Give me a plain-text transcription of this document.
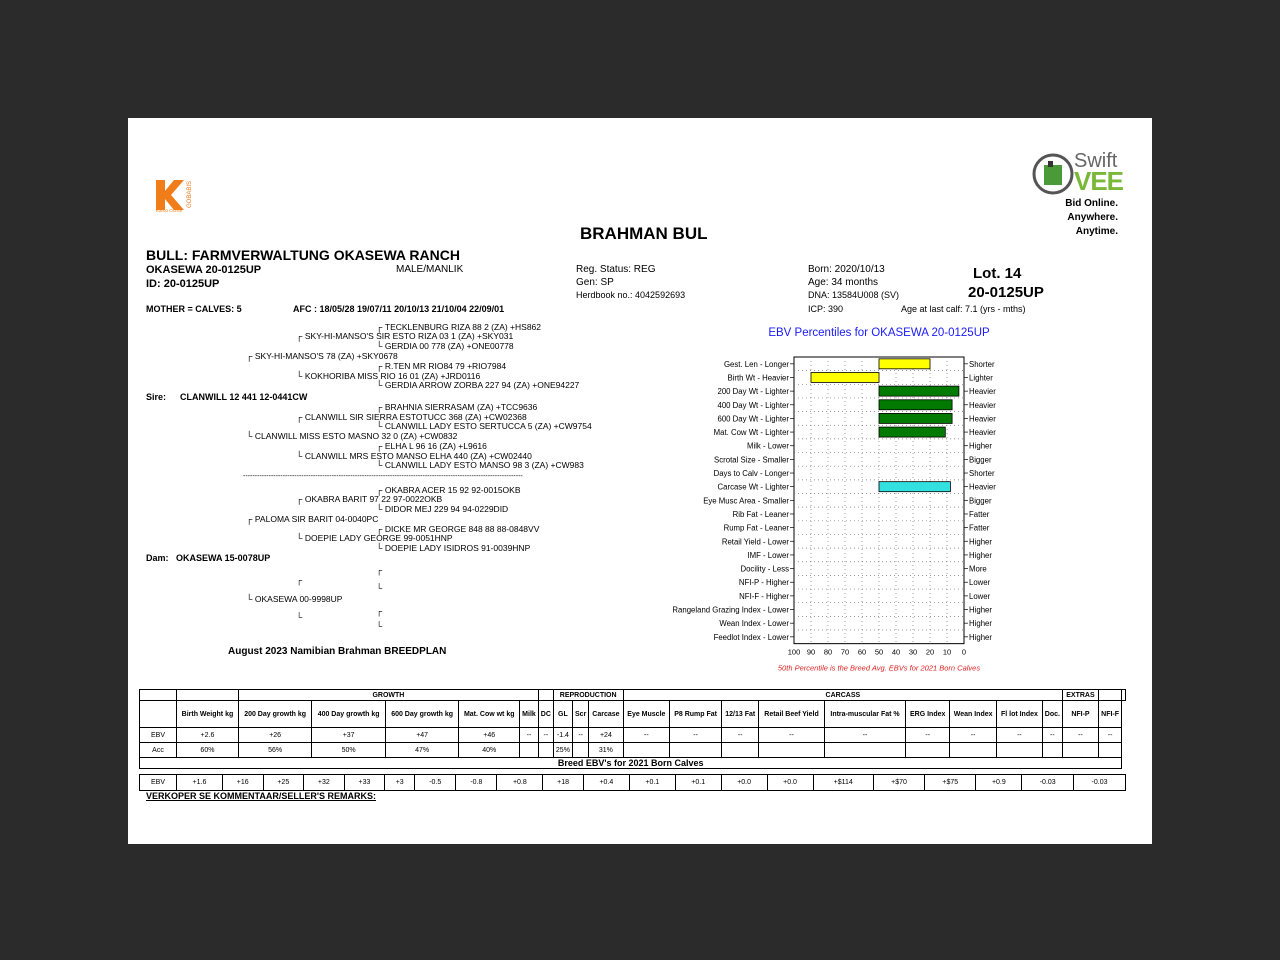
GOBABIS
Karoo Ochse
Swift
VEE
Bid Online.
Anywhere.
Anytime.
BRAHMAN BUL
BULL: FARMVERWALTUNG OKASEWA RANCH
OKASEWA 20-0125UP	MALE/MANLIK
ID: 20-0125UP
Reg. Status: REG
Gen: SP
Herdbook no.: 4042592693
Born: 2020/10/13
Age: 34 months
DNA: 13584U008 (SV)
ICP: 390	Age at last calf: 7.1 (yrs - mths)
Lot. 14
20-0125UP
MOTHER = CALVES: 5	AFC : 18/05/28 19/07/11 20/10/13 21/10/04 22/09/01
┌ TECKLENBURG RIZA 88 2 (ZA) +HS862
┌ SKY-HI-MANSO'S SIR ESTO RIZA 03 1 (ZA) +SKY031
└ GERDIA 00 778 (ZA) +ONE00778
┌ SKY-HI-MANSO'S 78 (ZA) +SKY0678
┌ R.TEN MR RIO84 79 +RIO7984
└ KOKHORIBA MISS RIO 16 01 (ZA) +JRD0116
└ GERDIA ARROW ZORBA 227 94 (ZA) +ONE94227
Sire: CLANWILL 12 441 12-0441CW
┌ BRAHNIA SIERRASAM (ZA) +TCC9636
┌ CLANWILL SIR SIERRA ESTOTUCC 368 (ZA) +CW02368
└ CLANWILL LADY ESTO SERTUCCA 5 (ZA) +CW9754
└ CLANWILL MISS ESTO MASNO 32 0 (ZA) +CW0832
┌ ELHA L 96 16 (ZA) +L9616
└ CLANWILL MRS ESTO MANSO ELHA 440 (ZA) +CW02440
└ CLANWILL LADY ESTO MANSO 98 3 (ZA) +CW983
------------------------------------------------------------------------------------------------------------------------
┌ OKABRA ACER 15 92 92-0015OKB
┌ OKABRA BARIT 97 22 97-0022OKB
└ DIDOR MEJ 229 94 94-0229DID
┌ PALOMA SIR BARIT 04-0040PC
┌ DICKE MR GEORGE 848 88 88-0848VV
└ DOEPIE LADY GEORGE 99-0051HNP
└ DOEPIE LADY ISIDROS 91-0039HNP
Dam: OKASEWA 15-0078UP
┌
┌
└
└ OKASEWA 00-9998UP
┌
└
└
August 2023 Namibian Brahman BREEDPLAN
EBV Percentiles for OKASEWA 20-0125UP
100 90 80 70 60 50 40 30 20 10 0
Gest. Len - Longer	Shorter
Birth Wt - Heavier	Lighter
200 Day Wt - Lighter	Heavier
400 Day Wt - Lighter	Heavier
600 Day Wt - Lighter	Heavier
Mat. Cow Wt - Lighter	Heavier
Milk - Lower	Higher
Scrotal Size - Smaller	Bigger
Days to Calv - Longer	Shorter
Carcase Wt - Lighter	Heavier
Eye Musc Area - Smaller	Bigger
Rib Fat - Leaner	Fatter
Rump Fat - Leaner	Fatter
Retail Yield - Lower	Higher
IMF - Lower	Higher
Docility - Less	More
NFI-P - Higher	Lower
NFI-F - Higher	Lower
Rangeland Grazing Index - Lower	Higher
Wean Index - Lower	Higher
Feedlot Index - Lower	Higher
50th Percentile is the Breed Avg. EBVs for 2021 Born Calves
		GROWTH						REPRODUCTION			CARCASS									EXTRAS		
	Birth Weight kg	200 Day growth kg	400 Day growth kg	600 Day growth kg	Mat. Cow wt kg	Milk	DC	GL	Scr	Carcase	Eye Muscle	P8 Rump Fat	12/13 Fat	Retail Beef Yield	Intra-muscular Fat %	ERG Index	Wean Index	Fl lot Index	Doc.	NFI-P	NFI-F	
EBV	+2.6	+26	+37	+47	+46	--	--	-1.4	--	+24	--	--	--	--	--	--	--	--	--	--	--	
Acc	60%	56%	50%	47%	40%			25%		31%												
Breed EBV's for 2021 Born Calves																						
EBV	+1.6	+16	+25	+32	+33	+3	-0.5	-0.8	+0.8	+18	+0.4	+0.1	+0.1	+0.0	+0.0	+$114	+$70	+$75	+0.9	-0.03	-0.03
VERKOPER SE KOMMENTAAR/SELLER'S REMARKS:
